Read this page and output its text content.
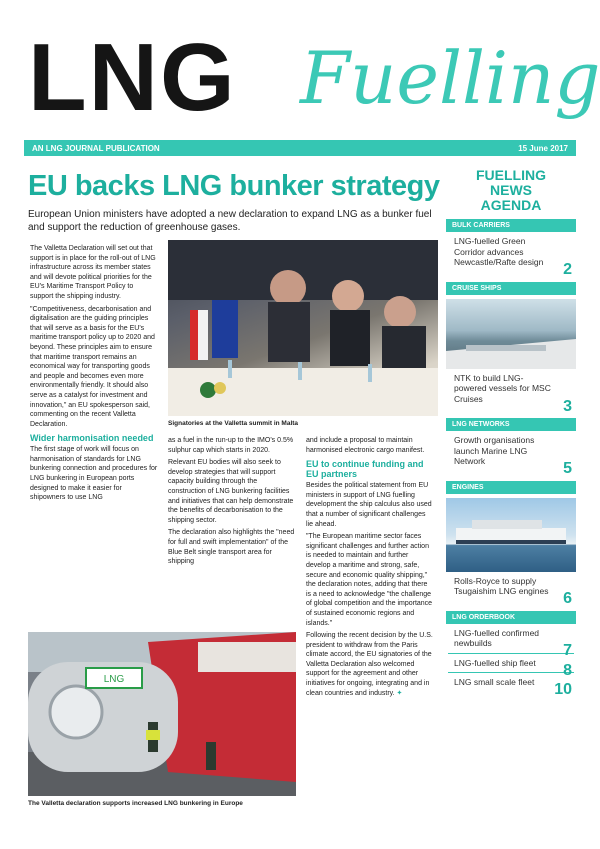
LNG Fuelling
AN LNG JOURNAL PUBLICATION	15 June 2017
EU backs LNG bunker strategy
European Union ministers have adopted a new declaration to expand LNG as a bunker fuel and support the reduction of greenhouse gases.

The Valletta Declaration will set out that support is in place for the roll-out of LNG infrastructure across its member states and will devote political priorities for the EU's Maritime Transport Policy to support the shipping industry.

"Competitiveness, decarbonisation and digitalisation are the guiding principles that will serve as a basis for the EU's maritime transport policy up to 2020 and beyond. These principles aim to ensure that maritime transport remains an economical way for transporting goods and people and becomes even more environmentally friendly. It should also serve as a catalyst for investment and innovation," an EU spokesperson said, commenting on the recent Valletta Declaration.

Wider harmonisation needed

The first stage of work will focus on harmonisation of standards for LNG bunkering connection and procedures for LNG bunkering in European ports designed to make it easier for shipowners to use LNG

Signatories at the Valletta summit in Malta

as a fuel in the run-up to the IMO's 0.5% sulphur cap which starts in 2020.

Relevant EU bodies will also seek to develop strategies that will support capacity building through the construction of LNG bunkering facilities and initiatives that can help demonstrate the benefits of decarbonisation to the shipping sector.

The declaration also highlights the "need for full and swift implementation" of the Blue Belt single transport area for shipping

and include a proposal to maintain harmonised electronic cargo manifest.

EU to continue funding and EU partners

Besides the political statement from EU ministers in support of LNG fuelling development the ship calculus also used that a number of significant challenges lie ahead.

"The European maritime sector faces significant challenges and further action is needed to maintain and further develop a maritime and strong, safe, secure and economic quality shipping," the declaration notes, adding that there is a need to acknowledge "the challenge of global competition and the importance of sustained economic regions and islands."

Following the recent decision by the U.S. president to withdraw from the Paris climate accord, the EU signatories of the Valletta Declaration also welcomed support for the agreement and other initiatives for ongoing, integrating and in clean countries and industry. ✦

LNG
The Valletta declaration supports increased LNG bunkering in Europe
FUELLING
NEWS
AGENDA
BULK CARRIERS
LNG-fuelled Green Corridor advances Newcastle/Rafte design 2
CRUISE SHIPS
NTK to build LNG-powered vessels for MSC Cruises	3
LNG NETWORKS
Growth organisations launch Marine LNG Network	5
ENGINES
Rolls-Royce to supply Tsugaishim LNG engines 6
LNG ORDERBOOK
LNG-fuelled confirmed newbuilds	7
LNG-fuelled ship fleet 8
LNG small scale fleet 10
